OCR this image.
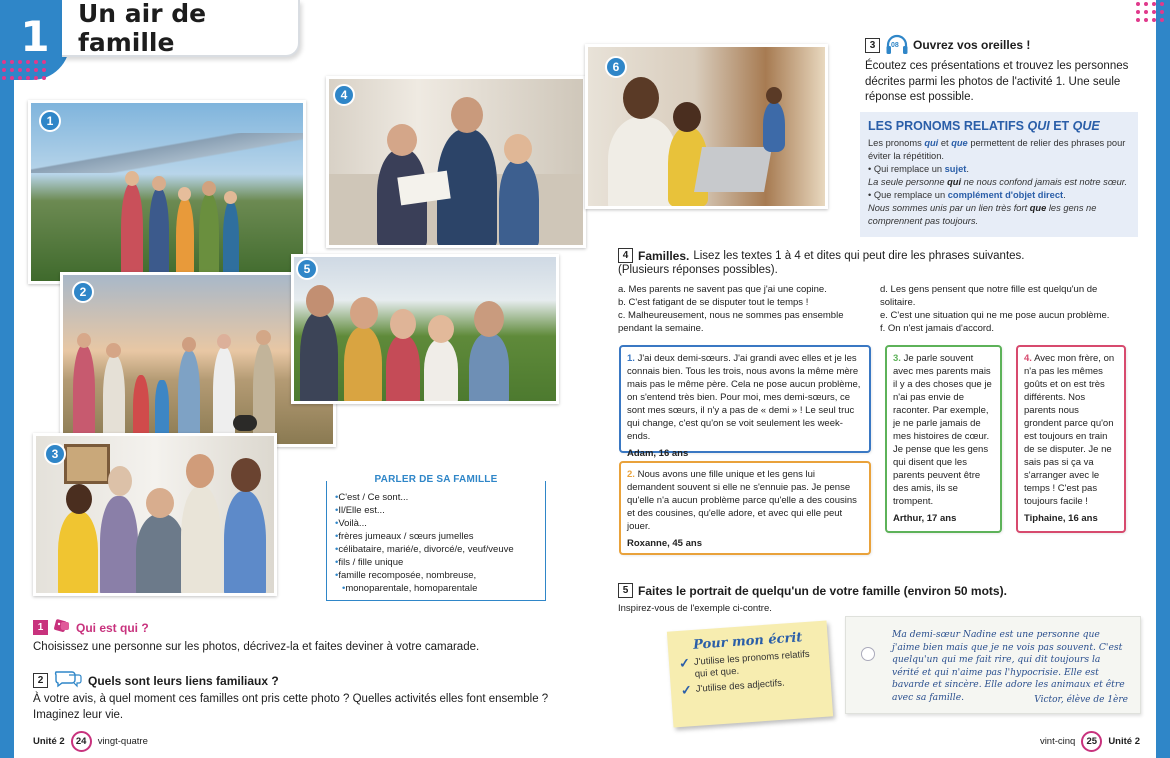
1	Un air de famille
1
4
6
2
5
3
PARLER DE SA FAMILLE
• C'est / Ce sont...
• Il/Elle est...
• Voilà...
• frères jumeaux / sœurs jumelles
• célibataire, marié/e, divorcé/e, veuf/veuve
• fils / fille unique
• famille recomposée, nombreuse,
• monoparentale, homoparentale
1	Qui est qui ?
Choisissez une personne sur les photos, décrivez-la et faites deviner à votre camarade.
2	Quels sont leurs liens familiaux ?
À votre avis, à quel moment ces familles ont pris cette photo ? Quelles activités elles font ensemble ?
Imaginez leur vie.
3	08 Ouvrez vos oreilles !
Écoutez ces présentations et trouvez les personnes décrites parmi les photos de l'activité 1. Une seule réponse est possible.
LES PRONOMS RELATIFS QUI ET QUE

Les pronoms qui et que permettent de relier des phrases pour éviter la répétition.

• Qui remplace un sujet.

La seule personne qui ne nous confond jamais est notre sœur.

• Que remplace un complément d'objet direct.

Nous sommes unis par un lien très fort que les gens ne comprennent pas toujours.

4 Familles. Lisez les textes 1 à 4 et dites qui peut dire les phrases suivantes.
(Plusieurs réponses possibles).
a. Mes parents ne savent pas que j'ai une copine.
b. C'est fatigant de se disputer tout le temps !
c. Malheureusement, nous ne sommes pas ensemble
pendant la semaine.
d. Les gens pensent que notre fille est quelqu'un de
solitaire.
e. C'est une situation qui ne me pose aucun problème.
f. On n'est jamais d'accord.
1. J'ai deux demi-sœurs. J'ai grandi avec elles et je les connais bien. Tous les trois, nous avons la même mère mais pas le même père. Cela ne pose aucun problème, on s'entend très bien. Pour moi, mes demi-sœurs, ce sont mes sœurs, il n'y a pas de « demi » ! Le seul truc qui change, c'est qu'on se voit seulement les week-ends.
Adam, 16 ans
2. Nous avons une fille unique et les gens lui demandent souvent si elle ne s'ennuie pas. Je pense qu'elle n'a aucun problème parce qu'elle a des cousins et des cousines, qu'elle adore, et avec qui elle peut jouer.
Roxanne, 45 ans
3. Je parle souvent avec mes parents mais il y a des choses que je n'ai pas envie de raconter. Par exemple, je ne parle jamais de mes histoires de cœur. Je pense que les gens qui disent que les parents peuvent être des amis, ils se trompent.
Arthur, 17 ans
4. Avec mon frère, on n'a pas les mêmes goûts et on est très différents. Nos parents nous grondent parce qu'on est toujours en train de se disputer. Je ne sais pas si ça va s'arranger avec le temps ! C'est pas toujours facile !
Tiphaine, 16 ans
5 Faites le portrait de quelqu'un de votre famille (environ 50 mots).
Inspirez-vous de l'exemple ci-contre.
Pour mon écrit
✓ J'utilise les pronoms relatifs qui et que.
✓ J'utilise des adjectifs.
Ma demi-sœur Nadine est une personne que j'aime bien mais que je ne vois pas souvent. C'est quelqu'un qui me fait rire, qui dit toujours la vérité et qui n'aime pas l'hypocrisie. Elle est bavarde et sincère. Elle adore les animaux et être avec sa famille.	Victor, élève de 1ère
Unité 2	24	vingt-quatre	vint-cinq	25	Unité 2
